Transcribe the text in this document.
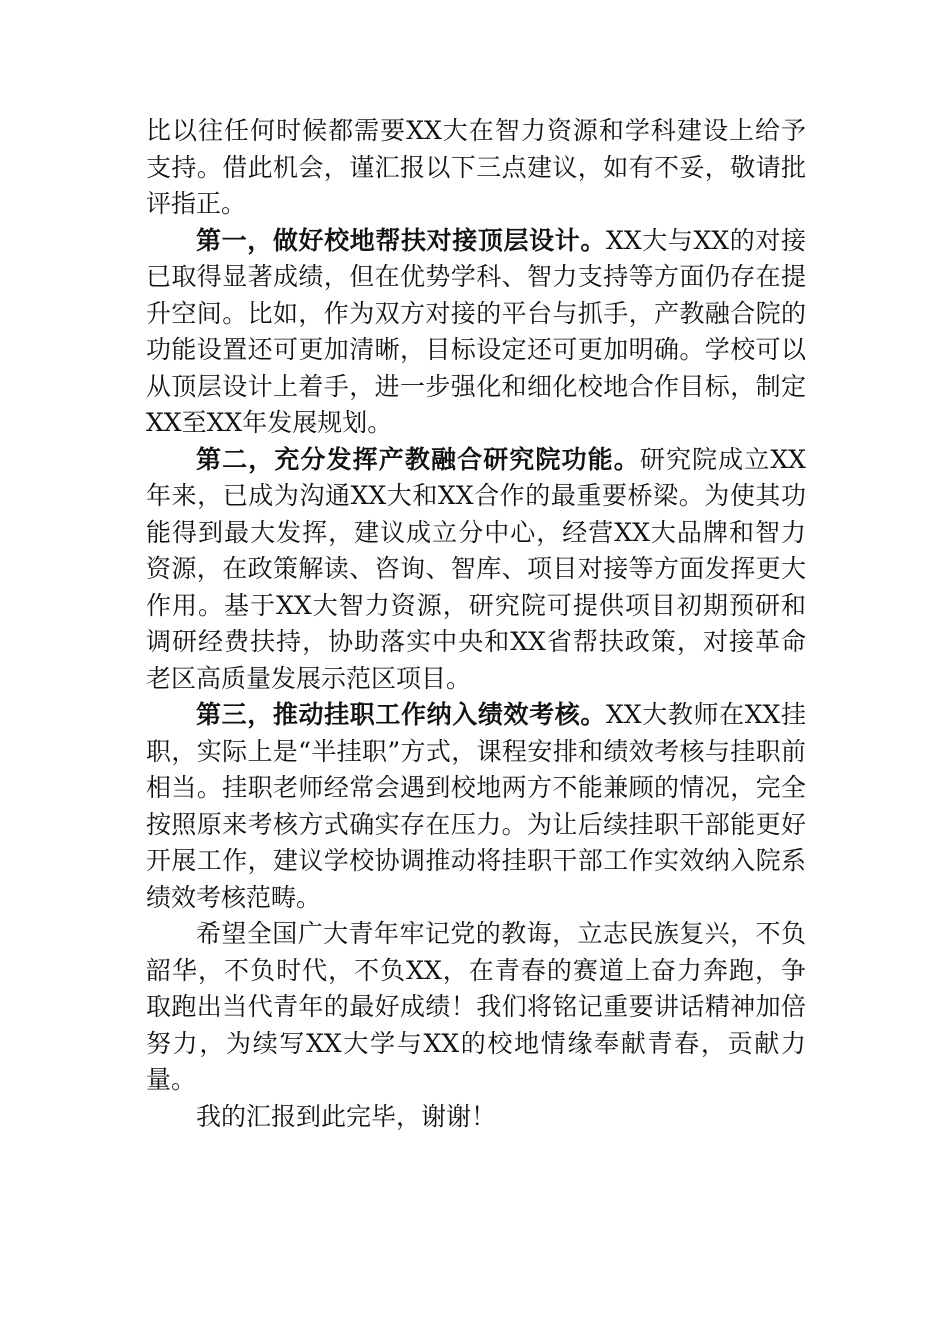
比以往任何时候都需要XX大在智力资源和学科建设上给予支持。借此机会，谨汇报以下三点建议，如有不妥，敬请批评指正。

第一，做好校地帮扶对接顶层设计。XX大与XX的对接已取得显著成绩，但在优势学科、智力支持等方面仍存在提升空间。比如，作为双方对接的平台与抓手，产教融合院的功能设置还可更加清晰，目标设定还可更加明确。学校可以从顶层设计上着手，进一步强化和细化校地合作目标，制定XX至XX年发展规划。

第二，充分发挥产教融合研究院功能。研究院成立XX年来，已成为沟通XX大和XX合作的最重要桥梁。为使其功能得到最大发挥，建议成立分中心，经营XX大品牌和智力资源，在政策解读、咨询、智库、项目对接等方面发挥更大作用。基于XX大智力资源，研究院可提供项目初期预研和调研经费扶持，协助落实中央和XX省帮扶政策，对接革命老区高质量发展示范区项目。

第三，推动挂职工作纳入绩效考核。XX大教师在XX挂职，实际上是“半挂职”方式，课程安排和绩效考核与挂职前相当。挂职老师经常会遇到校地两方不能兼顾的情况，完全按照原来考核方式确实存在压力。为让后续挂职干部能更好开展工作，建议学校协调推动将挂职干部工作实效纳入院系绩效考核范畴。

希望全国广大青年牢记党的教诲，立志民族复兴，不负韶华，不负时代，不负XX，在青春的赛道上奋力奔跑，争取跑出当代青年的最好成绩！我们将铭记重要讲话精神加倍努力，为续写XX大学与XX的校地情缘奉献青春，贡献力量。

我的汇报到此完毕，谢谢！
